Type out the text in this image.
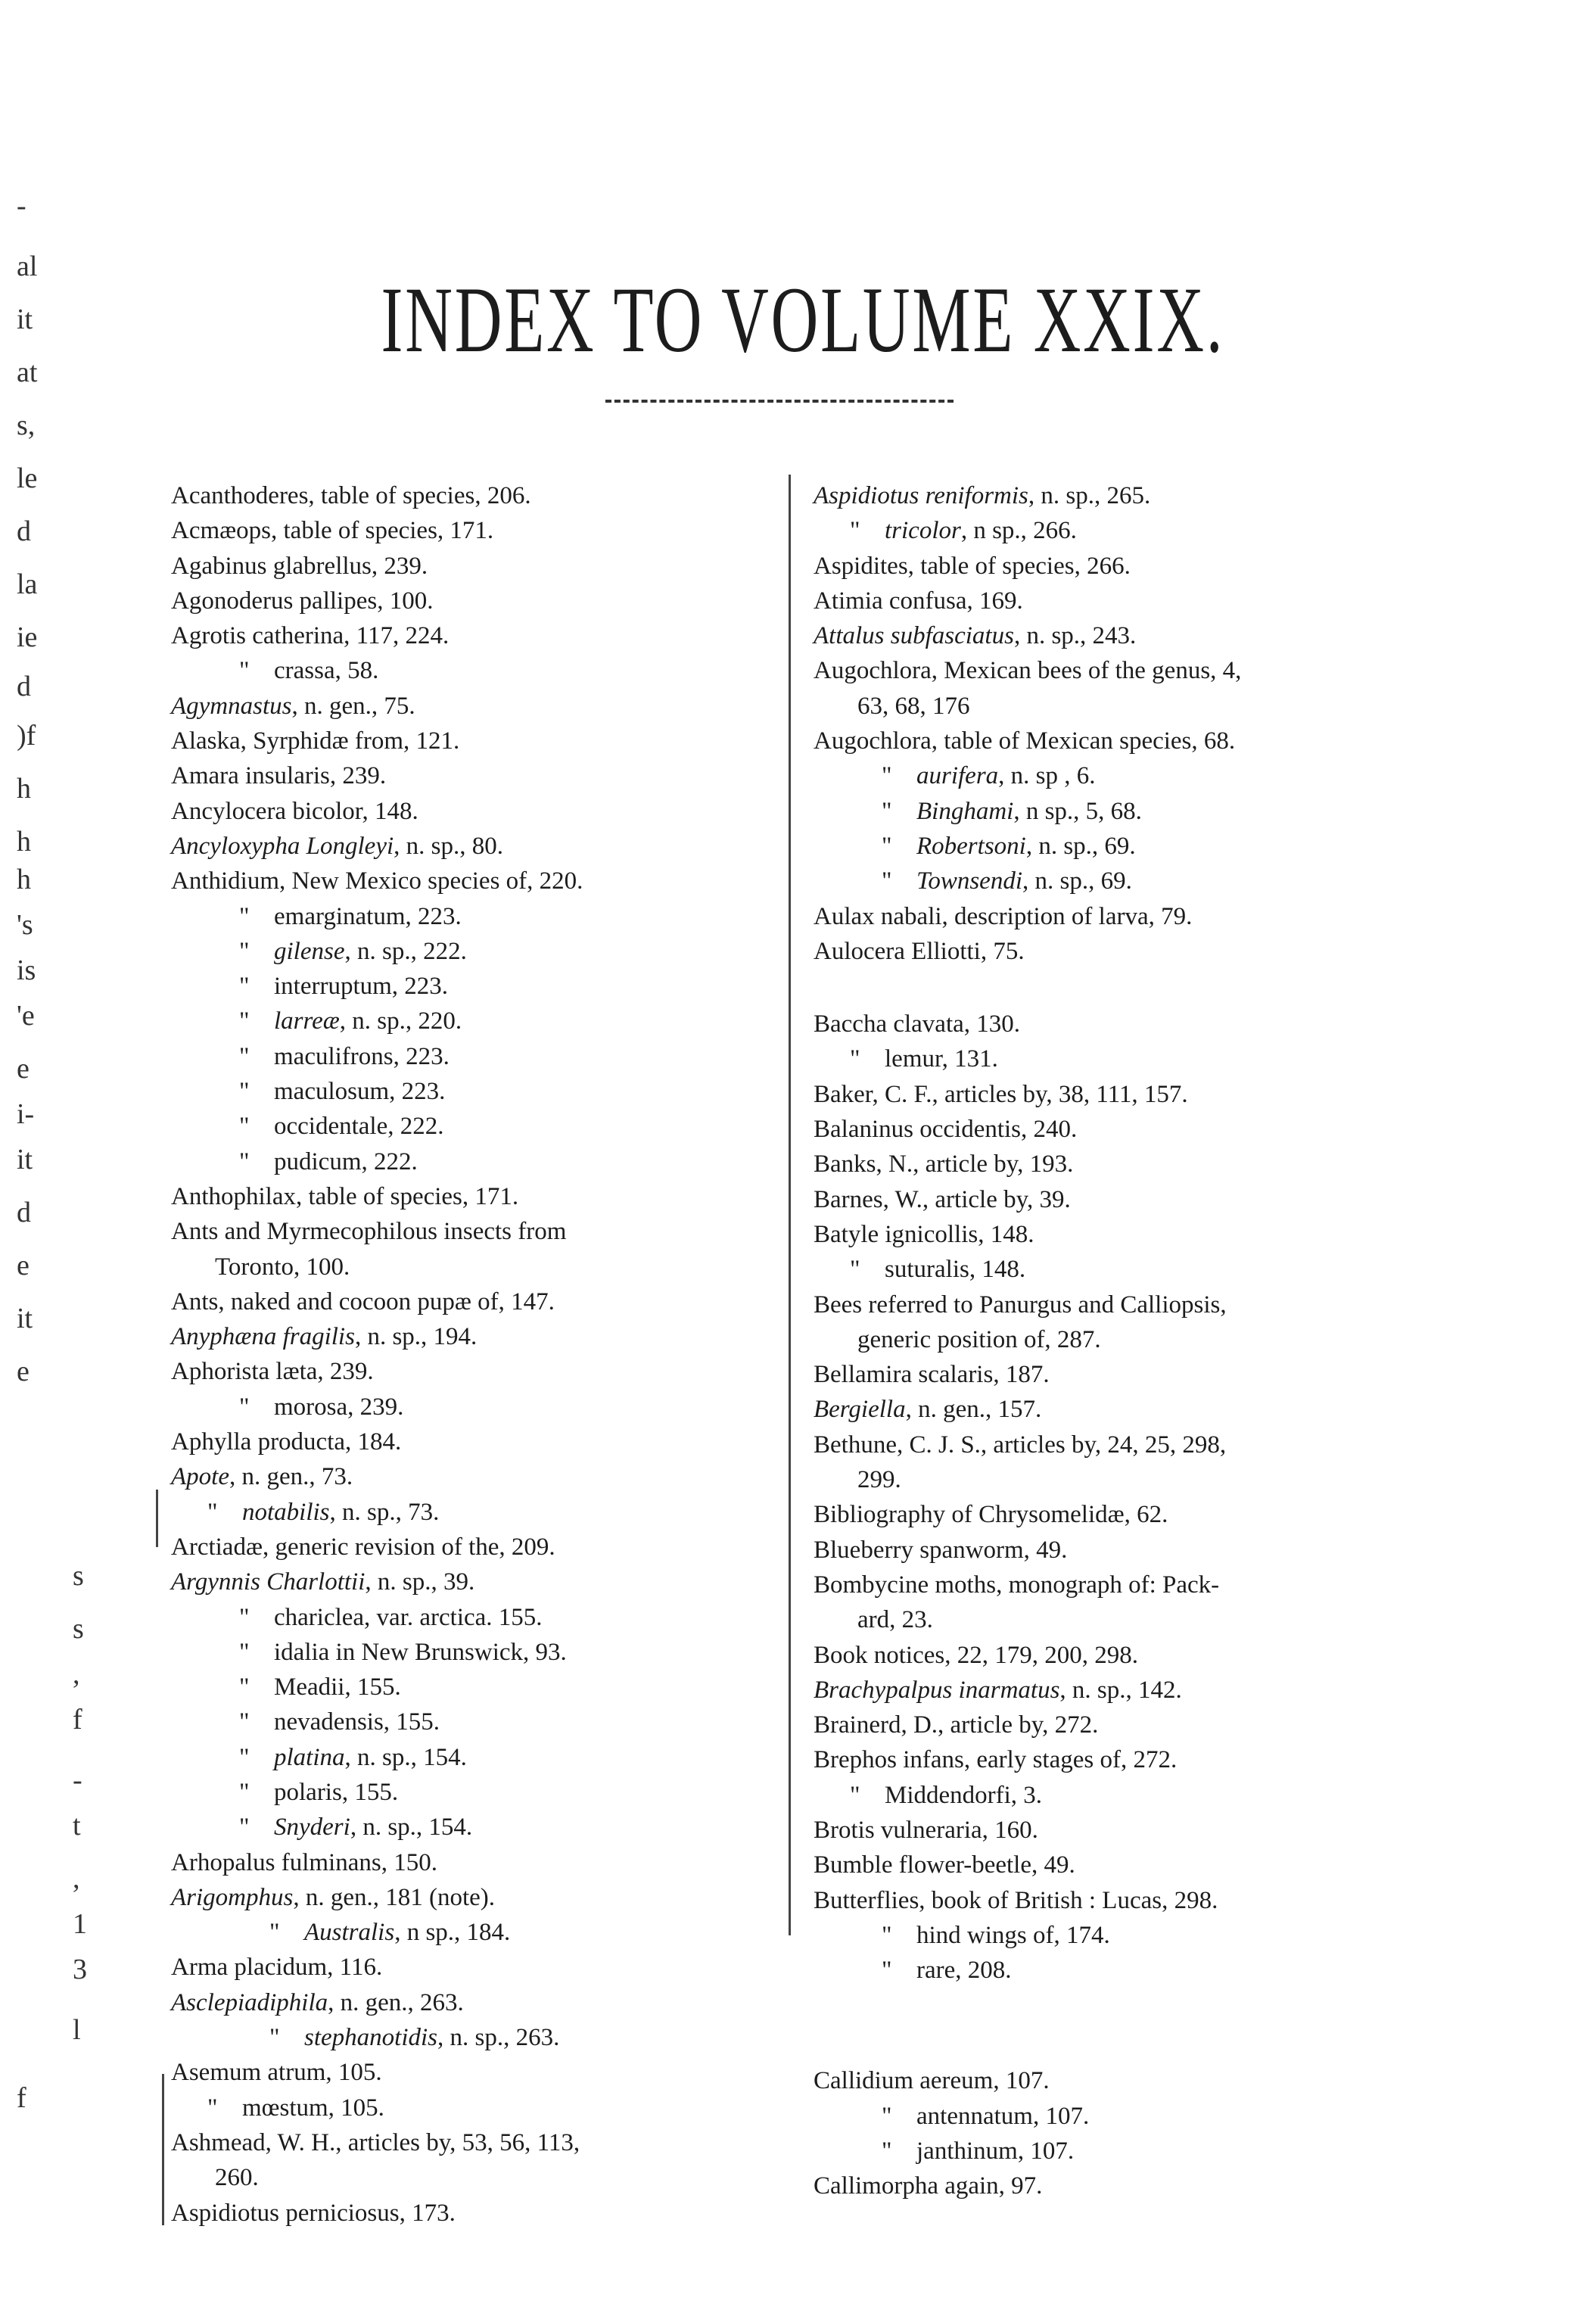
INDEX TO VOLUME XXIX.
-
al
it
at
s,
le
d
la
ie
d
)f
h
h
h
's
is
'e
e
i-
it
d
e
it
e
s
s
,
f
-
t
,
1
3
l
f
Acanthoderes, table of species, 206.
Acmæops, table of species, 171.
Agabinus glabrellus, 239.
Agonoderus pallipes, 100.
Agrotis catherina, 117, 224.
" crassa, 58.
Agymnastus, n. gen., 75.
Alaska, Syrphidæ from, 121.
Amara insularis, 239.
Ancylocera bicolor, 148.
Ancyloxypha Longleyi, n. sp., 80.
Anthidium, New Mexico species of, 220.
" emarginatum, 223.
" gilense, n. sp., 222.
" interruptum, 223.
" larreæ, n. sp., 220.
" maculifrons, 223.
" maculosum, 223.
" occidentale, 222.
" pudicum, 222.
Anthophilax, table of species, 171.
Ants and Myrmecophilous insects from
Toronto, 100.
Ants, naked and cocoon pupæ of, 147.
Anyphæna fragilis, n. sp., 194.
Aphorista læta, 239.
" morosa, 239.
Aphylla producta, 184.
Apote, n. gen., 73.
" notabilis, n. sp., 73.
Arctiadæ, generic revision of the, 209.
Argynnis Charlottii, n. sp., 39.
" chariclea, var. arctica. 155.
" idalia in New Brunswick, 93.
" Meadii, 155.
" nevadensis, 155.
" platina, n. sp., 154.
" polaris, 155.
" Snyderi, n. sp., 154.
Arhopalus fulminans, 150.
Arigomphus, n. gen., 181 (note).
" Australis, n sp., 184.
Arma placidum, 116.
Asclepiadiphila, n. gen., 263.
" stephanotidis, n. sp., 263.
Asemum atrum, 105.
" mœstum, 105.
Ashmead, W. H., articles by, 53, 56, 113,
260.
Aspidiotus perniciosus, 173.
Aspidiotus reniformis, n. sp., 265.
" tricolor, n sp., 266.
Aspidites, table of species, 266.
Atimia confusa, 169.
Attalus subfasciatus, n. sp., 243.
Augochlora, Mexican bees of the genus, 4,
63, 68, 176
Augochlora, table of Mexican species, 68.
" aurifera, n. sp , 6.
" Binghami, n sp., 5, 68.
" Robertsoni, n. sp., 69.
" Townsendi, n. sp., 69.
Aulax nabali, description of larva, 79.
Aulocera Elliotti, 75.
Baccha clavata, 130.
" lemur, 131.
Baker, C. F., articles by, 38, 111, 157.
Balaninus occidentis, 240.
Banks, N., article by, 193.
Barnes, W., article by, 39.
Batyle ignicollis, 148.
" suturalis, 148.
Bees referred to Panurgus and Calliopsis,
generic position of, 287.
Bellamira scalaris, 187.
Bergiella, n. gen., 157.
Bethune, C. J. S., articles by, 24, 25, 298,
299.
Bibliography of Chrysomelidæ, 62.
Blueberry spanworm, 49.
Bombycine moths, monograph of: Pack-
ard, 23.
Book notices, 22, 179, 200, 298.
Brachypalpus inarmatus, n. sp., 142.
Brainerd, D., article by, 272.
Brephos infans, early stages of, 272.
" Middendorfi, 3.
Brotis vulneraria, 160.
Bumble flower-beetle, 49.
Butterflies, book of British : Lucas, 298.
" hind wings of, 174.
" rare, 208.
Callidium aereum, 107.
" antennatum, 107.
" janthinum, 107.
Callimorpha again, 97.
